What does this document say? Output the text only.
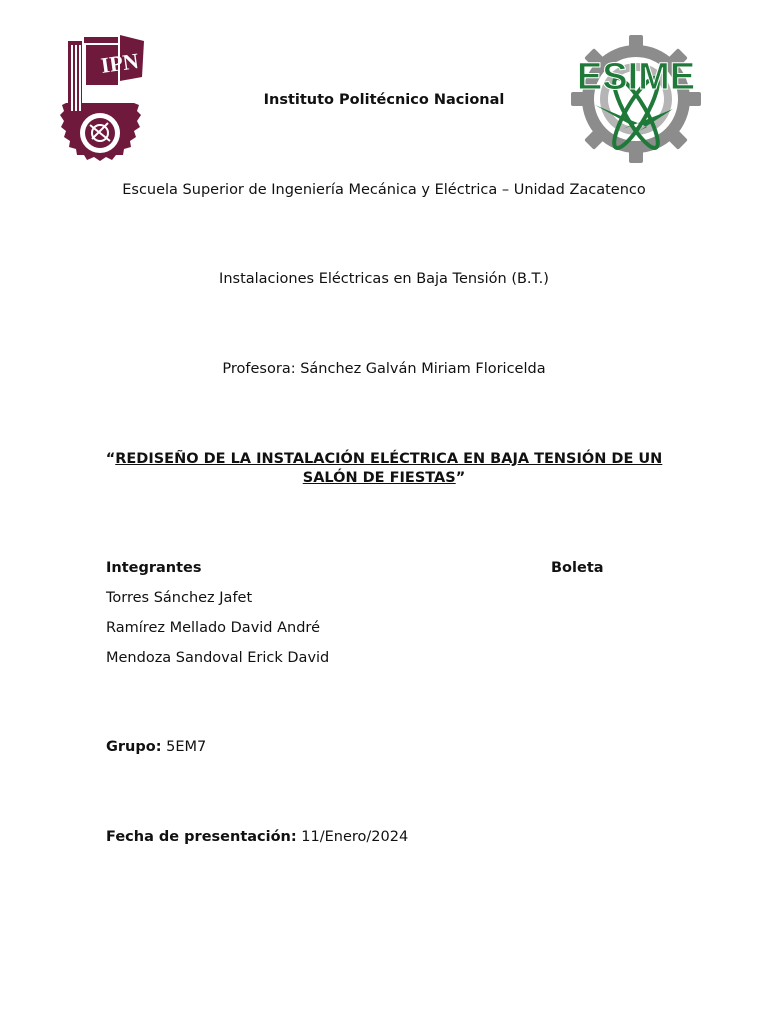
IPN	ESIME
Instituto Politécnico Nacional
Escuela Superior de Ingeniería Mecánica y Eléctrica – Unidad Zacatenco
Instalaciones Eléctricas en Baja Tensión (B.T.)
Profesora: Sánchez Galván Miriam Floricelda
“REDISEÑO DE LA INSTALACIÓN ELÉCTRICA EN BAJA TENSIÓN DE UN SALÓN DE FIESTAS”
Integrantes	Boleta
Torres Sánchez Jafet
Ramírez Mellado David André
Mendoza Sandoval Erick David
Grupo: 5EM7
Fecha de presentación: 11/Enero/2024
